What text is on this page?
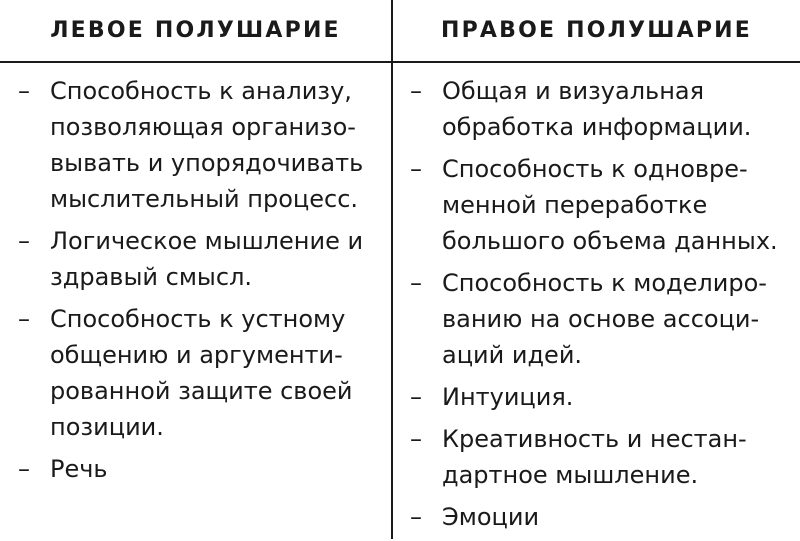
ЛЕВОЕ ПОЛУШАРИЕ	ПРАВОЕ ПОЛУШАРИЕ
– Способность к анализу,
позволяющая организо-
вывать и упорядочивать
мыслительный процесс.
– Логическое мышление и
здравый смысл.
– Способность к устному
общению и аргументи-
рованной защите своей
позиции.
– Речь
– Общая и визуальная
обработка информации.
– Способность к одновре-
менной переработке
большого объема данных.
– Способность к моделиро-
ванию на основе ассоци-
аций идей.
– Интуиция.
– Креативность и нестан-
дартное мышление.
– Эмоции
